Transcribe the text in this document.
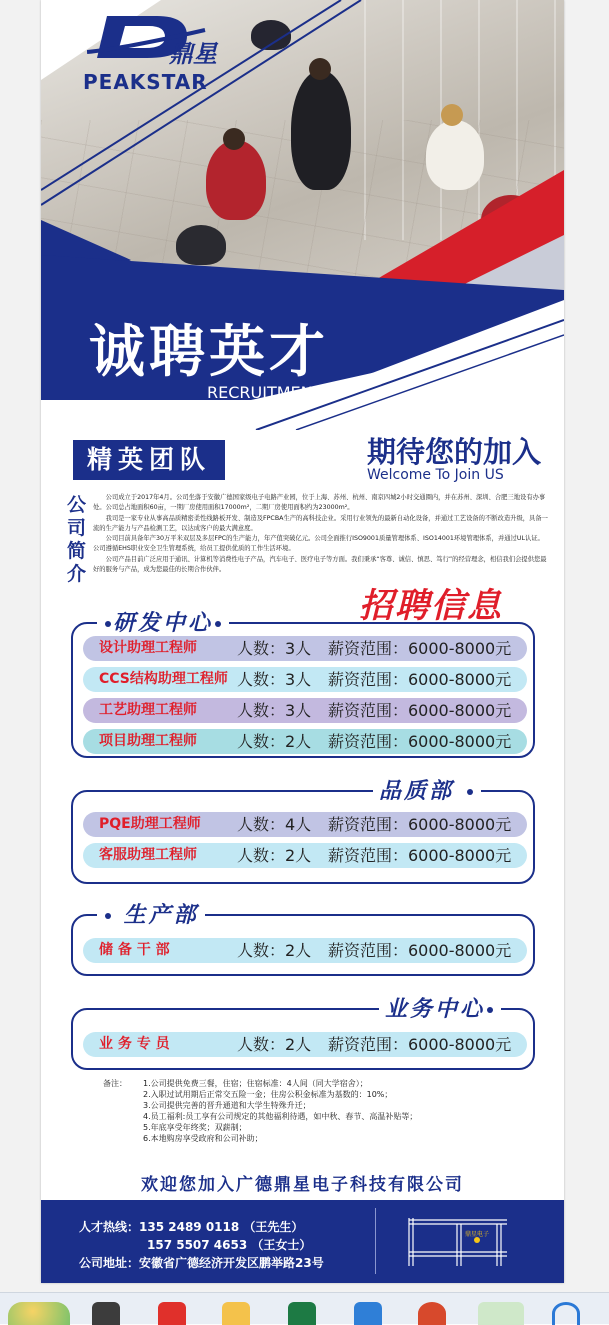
鼎星
PEAKSTAR
诚聘英才
RECRUITMENT
精英团队	期待您的加入
Welcome To Join US
公
司
简
介

公司成立于2017年4月。公司坐落于安徽广德国家级电子电路产业园，位于上海、苏州、杭州、南京四城2小时交通圈内，并在苏州、深圳、合肥三地设有办事处。公司总占地面积60亩，一期厂房使用面积17000m²，二期厂房使用面积约为23000m²。

我司是一家专业从事高品质精密柔性线路板开发、制造及FPCBA生产的高科技企业。采用行业领先的最新自动化设备，并通过工艺设备的不断改造升级，具备一流的生产能力与产品检测工艺，以达成客户的最大满意度。

公司目前具备年产30万平米双层及多层FPC的生产能力，年产值突破亿元。公司全面推行ISO9001质量管理体系、ISO14001环境管理体系，并通过UL认证。公司遵循EHS职业安全卫生管理系统，给员工提供优质的工作生活环境。

公司产品目前广泛应用于通讯、计算机等消费性电子产品，汽车电子、医疗电子等方面。我们秉承“客尊、诚信、慎思、笃行”的经营理念，相信我们会提供您最好的服务与产品，成为您最佳的长期合作伙伴。

招聘信息
研发中心
设计助理工程师	人数：3人 薪资范围：6000-8000元
CCS结构助理工程师 人数：3人 薪资范围：6000-8000元
工艺助理工程师	人数：3人 薪资范围：6000-8000元
项目助理工程师	人数：2人 薪资范围：6000-8000元
品质部
PQE助理工程师	人数：4人 薪资范围：6000-8000元
客服助理工程师	人数：2人 薪资范围：6000-8000元
生产部
储 备 干 部	人数：2人 薪资范围：6000-8000元
业务中心
业 务 专 员	人数：2人 薪资范围：6000-8000元
备注： 1.公司提供免费三餐，住宿；住宿标准：4人间（同大学宿舍）；
2.入职过试用期后正常交五险一金；住房公积金标准为基数的：10%；
3.公司提供完善的晋升通道和大学生特殊升迁；
4.员工福利:员工享有公司规定的其他福利待遇，如中秋、春节、高温补贴等；
5.年底享受年终奖；双薪制；
6.本地购房享受政府和公司补助；
欢迎您加入广德鼎星电子科技有限公司
人才热线：135 2489 0118 （王先生）
157 5507 4653 （王女士）
公司地址：安徽省广德经济开发区鹏举路23号
鼎星电子
